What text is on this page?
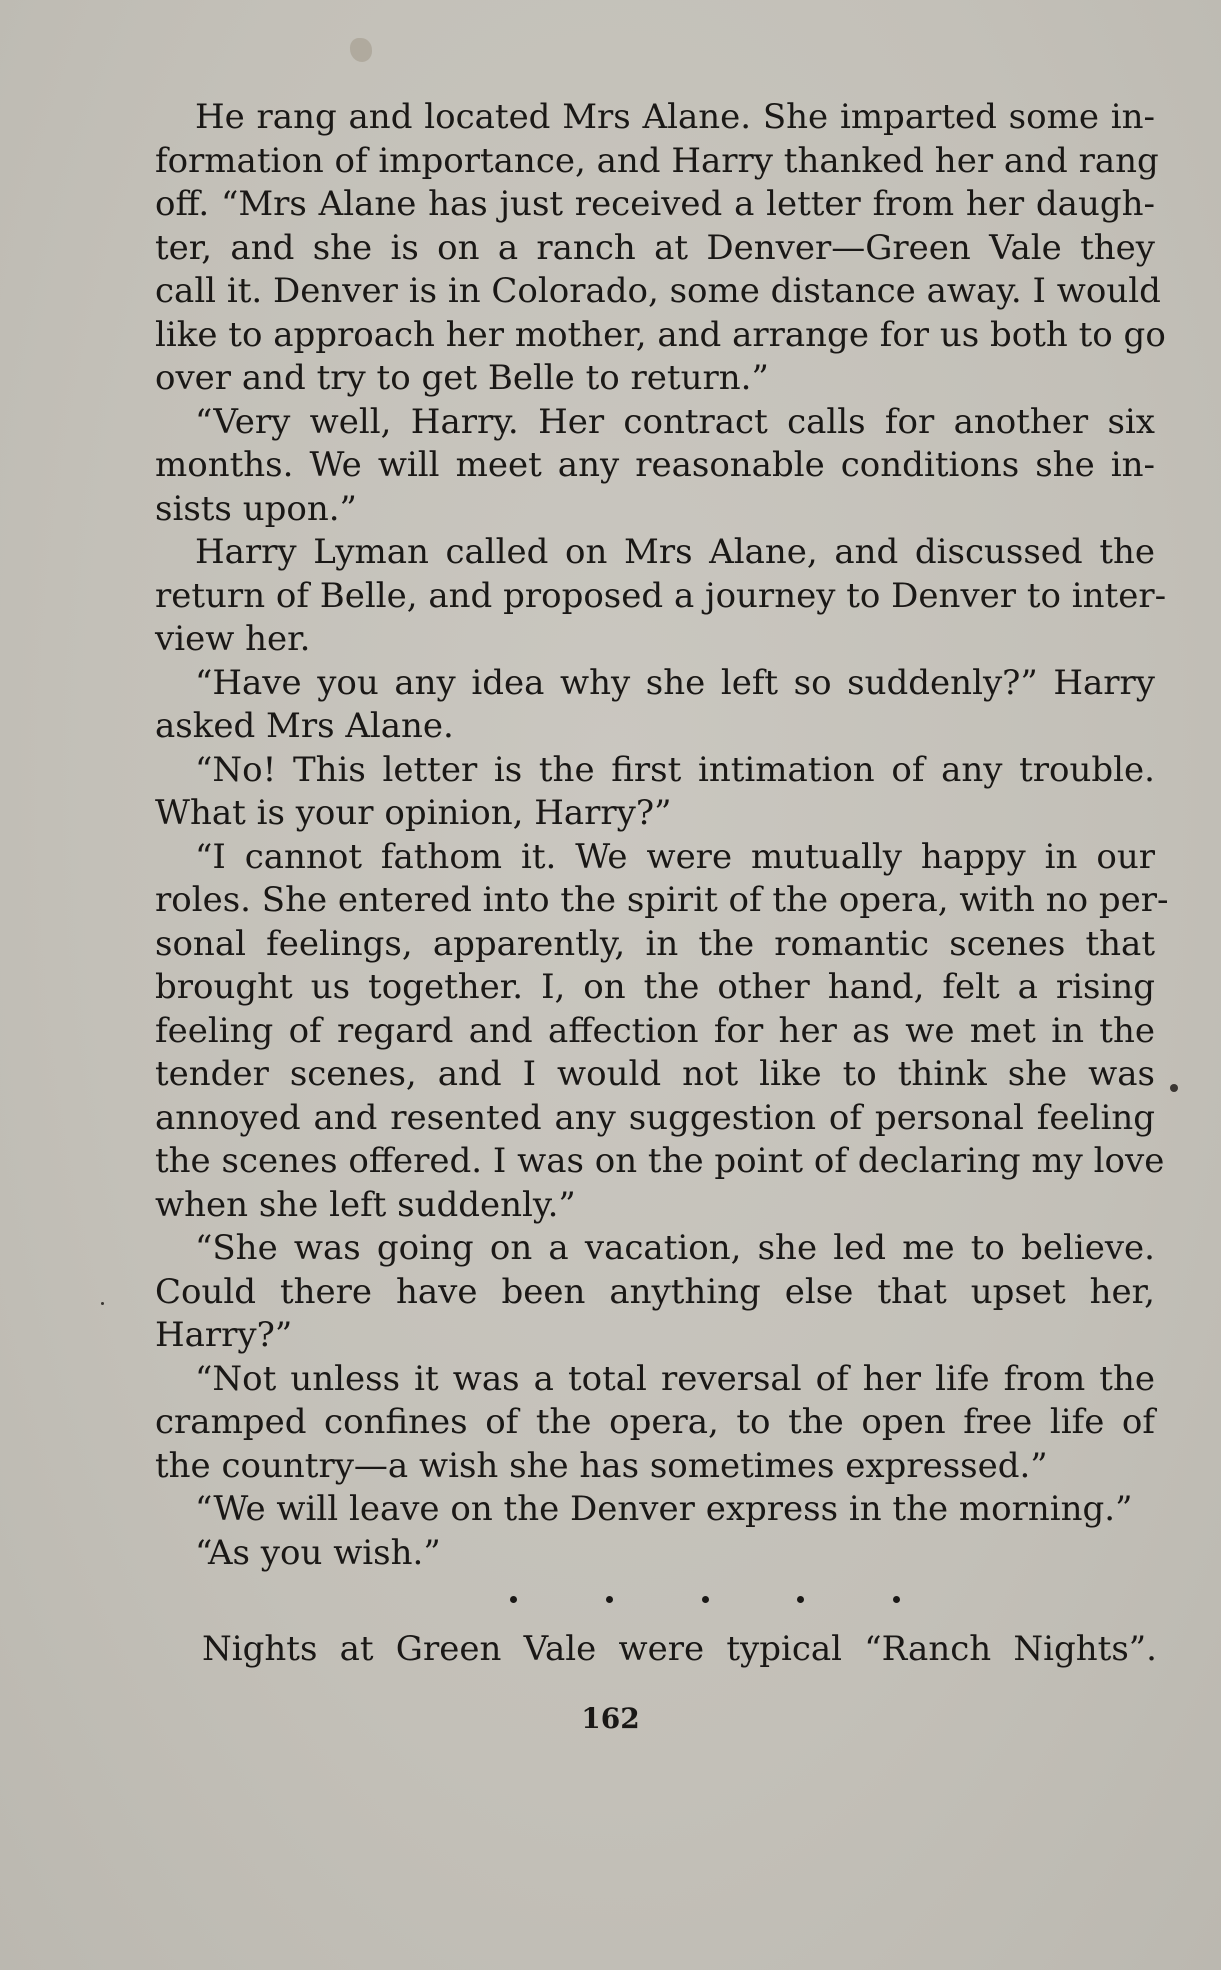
He rang and located Mrs Alane. She imparted some in-
formation of importance, and Harry thanked her and rang
off. “Mrs Alane has just received a letter from her daugh-
ter, and she is on a ranch at Denver—Green Vale they
call it. Denver is in Colorado, some distance away. I would
like to approach her mother, and arrange for us both to go
over and try to get Belle to return.”
“Very well, Harry. Her contract calls for another six
months. We will meet any reasonable conditions she in-
sists upon.”
Harry Lyman called on Mrs Alane, and discussed the
return of Belle, and proposed a journey to Denver to inter-
view her.
“Have you any idea why she left so suddenly?” Harry
asked Mrs Alane.
“No! This letter is the first intimation of any trouble.
What is your opinion, Harry?”
“I cannot fathom it. We were mutually happy in our
roles. She entered into the spirit of the opera, with no per-
sonal feelings, apparently, in the romantic scenes that
brought us together. I, on the other hand, felt a rising
feeling of regard and affection for her as we met in the
tender scenes, and I would not like to think she was
annoyed and resented any suggestion of personal feeling
the scenes offered. I was on the point of declaring my love
when she left suddenly.”
“She was going on a vacation, she led me to believe.
Could there have been anything else that upset her,
Harry?”
“Not unless it was a total reversal of her life from the
cramped confines of the opera, to the open free life of
the country—a wish she has sometimes expressed.”
“We will leave on the Denver express in the morning.”
“As you wish.”
Nights at Green Vale were typical “Ranch Nights”.
162
